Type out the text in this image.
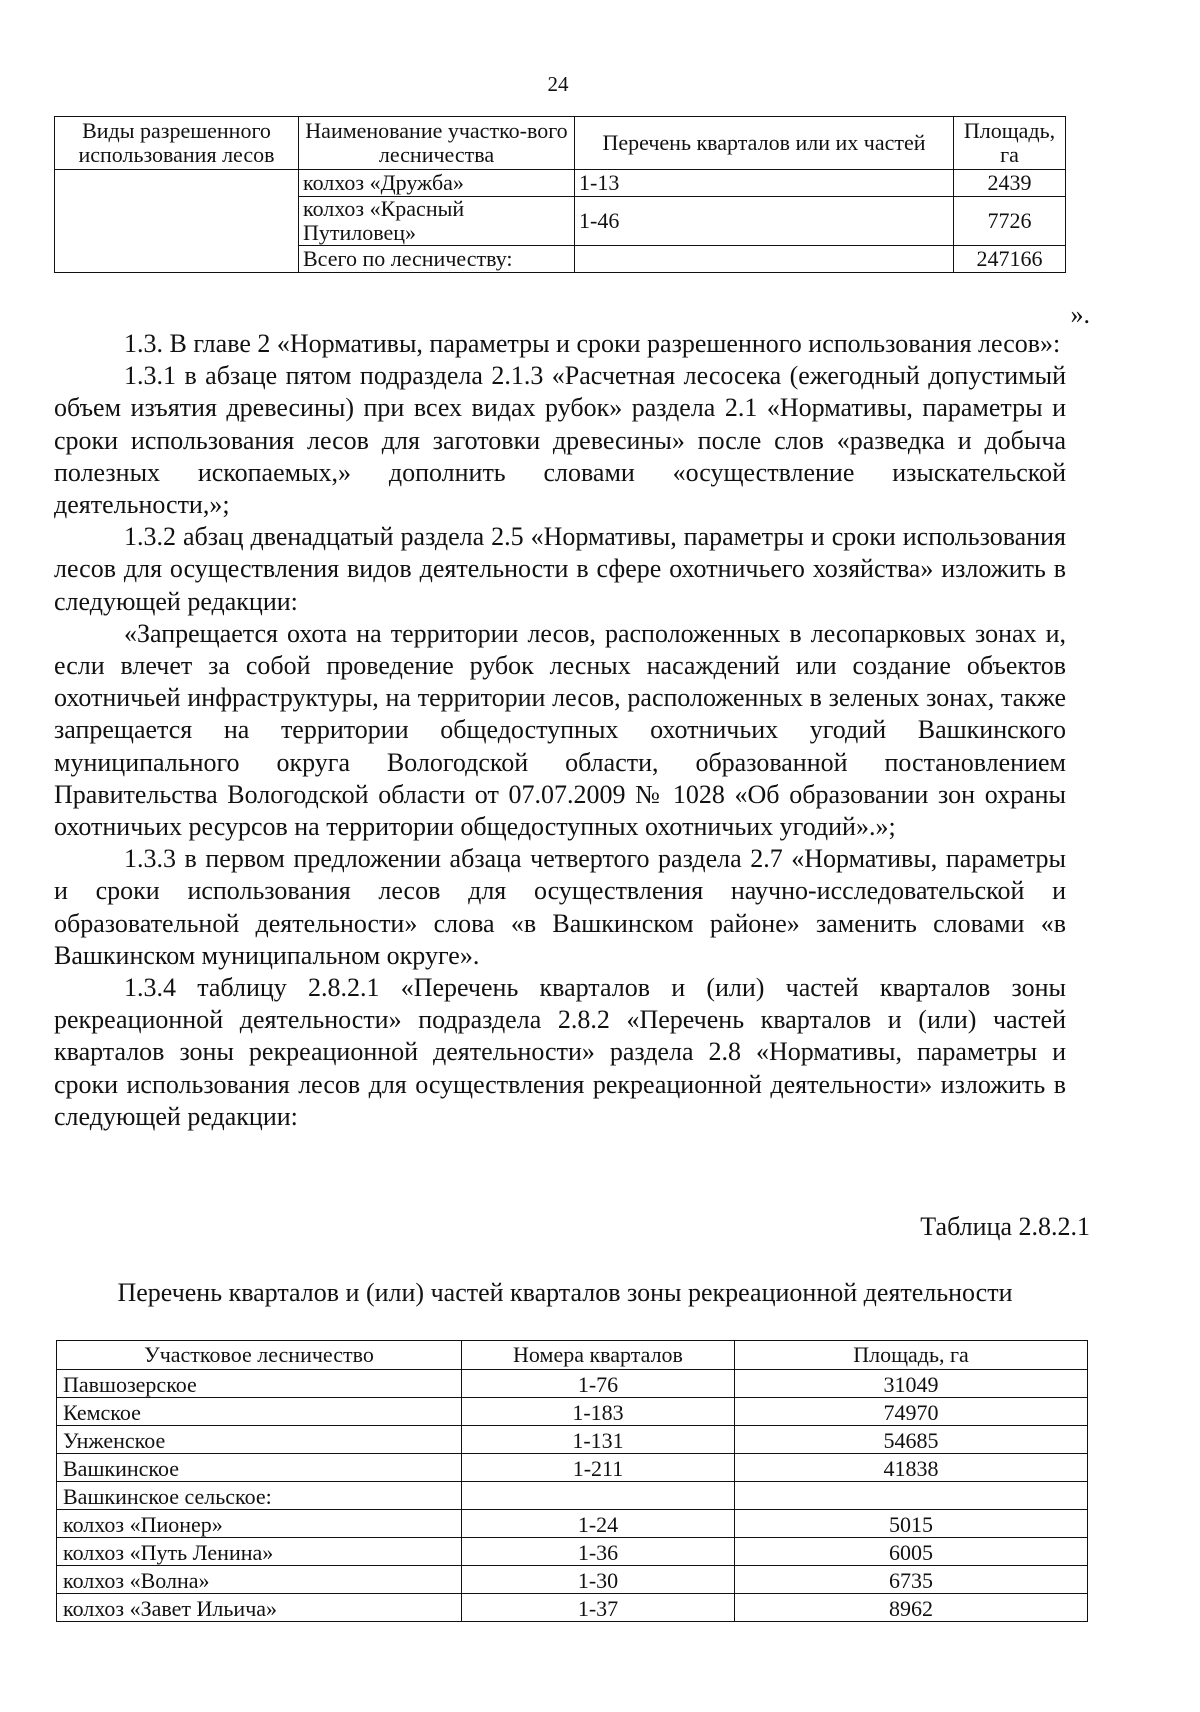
24
Виды разрешенного использования лесов	Наименование участко-вого лесничества	Перечень кварталов или их частей	Площадь, га
	колхоз «Дружба»	1-13	2439
	колхоз «Красный Путиловец»	1-46	7726
	Всего по лесничеству:		247166
».

1.3. В главе 2 «Нормативы, параметры и сроки разрешенного использования лесов»:

1.3.1 в абзаце пятом подраздела 2.1.3 «Расчетная лесосека (ежегодный допустимый объем изъятия древесины) при всех видах рубок» раздела 2.1 «Нормативы, параметры и сроки использования лесов для заготовки древесины» после слов «разведка и добыча полезных ископаемых,» дополнить словами «осуществление изыскательской деятельности,»;

1.3.2 абзац двенадцатый раздела 2.5 «Нормативы, параметры и сроки использования лесов для осуществления видов деятельности в сфере охотничьего хозяйства» изложить в следующей редакции:

«Запрещается охота на территории лесов, расположенных в лесопарковых зонах и, если влечет за собой проведение рубок лесных насаждений или создание объектов охотничьей инфраструктуры, на территории лесов, расположенных в зеленых зонах, также запрещается на территории общедоступных охотничьих угодий Вашкинского муниципального округа Вологодской области, образованной постановлением Правительства Вологодской области от 07.07.2009 № 1028 «Об образовании зон охраны охотничьих ресурсов на территории общедоступных охотничьих угодий».»;

1.3.3 в первом предложении абзаца четвертого раздела 2.7 «Нормативы, параметры и сроки использования лесов для осуществления научно-исследовательской и образовательной деятельности» слова «в Вашкинском районе» заменить словами «в Вашкинском муниципальном округе».

1.3.4 таблицу 2.8.2.1 «Перечень кварталов и (или) частей кварталов зоны рекреационной деятельности» подраздела 2.8.2 «Перечень кварталов и (или) частей кварталов зоны рекреационной деятельности» раздела 2.8 «Нормативы, параметры и сроки использования лесов для осуществления рекреационной деятельности» изложить в следующей редакции:

Таблица 2.8.2.1
Перечень кварталов и (или) частей кварталов зоны рекреационной деятельности
Участковое лесничество	Номера кварталов	Площадь, га
Павшозерское	1-76	31049
Кемское	1-183	74970
Унженское	1-131	54685
Вашкинское	1-211	41838
Вашкинское сельское:		
колхоз «Пионер»	1-24	5015
колхоз «Путь Ленина»	1-36	6005
колхоз «Волна»	1-30	6735
колхоз «Завет Ильича»	1-37	8962
